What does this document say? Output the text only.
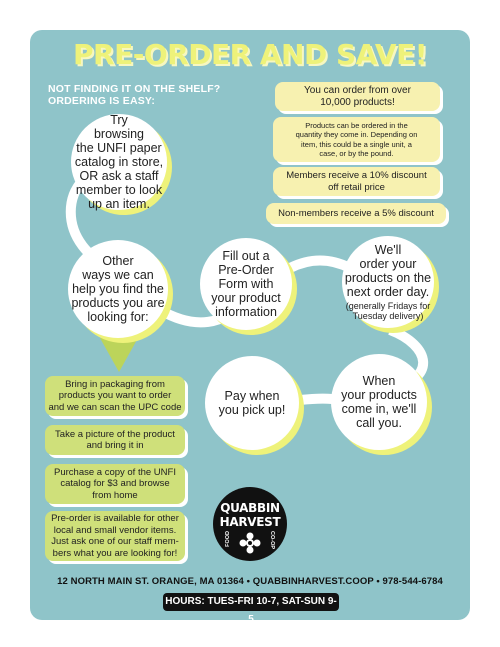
PRE-ORDER AND SAVE!
NOT FINDING IT ON THE SHELF?
ORDERING IS EASY:
Try
browsing
the UNFI paper
catalog in store,
OR ask a staff
member to look
up an item.
Other
ways we can
help you find the
products you are
looking for:
Fill out a
Pre-Order
Form with
your product
information

We'll
order your
products on the
next order day.

(generally Fridays for
Tuesday delivery)

Pay when
you pick up!
When
your products
come in, we'll
call you.
You can order from over
10,000 products!
Products can be ordered in the
quantity they come in. Depending on
item, this could be a single unit, a
case, or by the pound.
Members receive a 10% discount
off retail price
Non-members receive a 5% discount
Bring in packaging from
products you want to order
and we can scan the UPC code
Take a picture of the product
and bring it in
Purchase a copy of the UNFI
catalog for $3 and browse
from home
Pre-order is available for other
local and small vendor items.
Just ask one of our staff mem-
bers what you are looking for!
QUABBIN
HARVEST
FOOD	CO-OP
12 NORTH MAIN ST. ORANGE, MA 01364 • QUABBINHARVEST.COOP • 978-544-6784
HOURS: TUES-FRI 10-7, SAT-SUN 9-5
